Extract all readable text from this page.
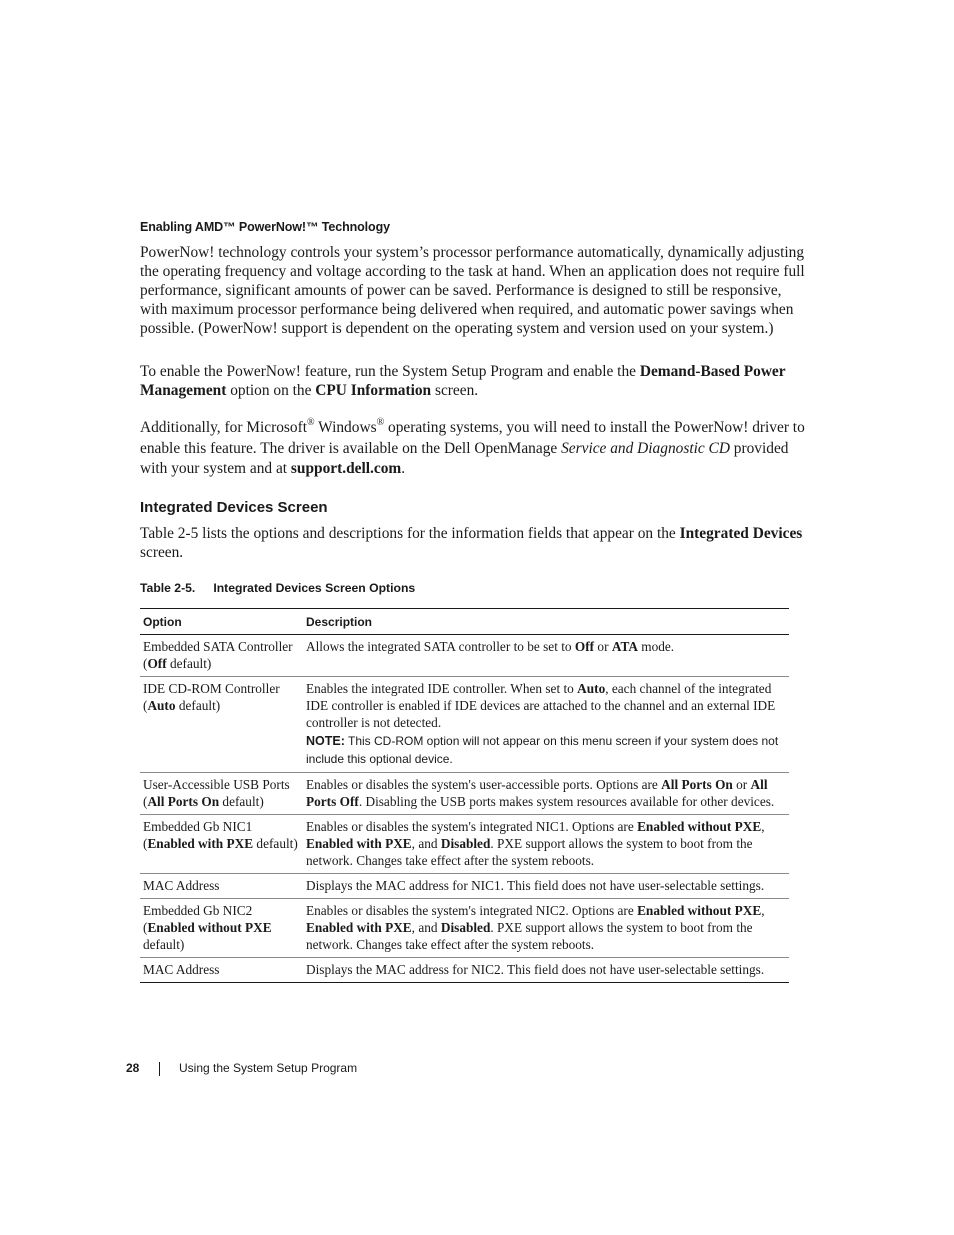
Enabling AMD™ PowerNow!™ Technology
PowerNow! technology controls your system’s processor performance automatically, dynamically adjusting the operating frequency and voltage according to the task at hand. When an application does not require full performance, significant amounts of power can be saved. Performance is designed to still be responsive, with maximum processor performance being delivered when required, and automatic power savings when possible. (PowerNow! support is dependent on the operating system and version used on your system.)
To enable the PowerNow! feature, run the System Setup Program and enable the Demand-Based Power Management option on the CPU Information screen.
Additionally, for Microsoft® Windows® operating systems, you will need to install the PowerNow! driver to enable this feature. The driver is available on the Dell OpenManage Service and Diagnostic CD provided with your system and at support.dell.com.
Integrated Devices Screen
Table 2-5 lists the options and descriptions for the information fields that appear on the Integrated Devices screen.
Table 2-5. Integrated Devices Screen Options
Option	Description
Embedded SATA Controller (Off default)	Allows the integrated SATA controller to be set to Off or ATA mode.
IDE CD-ROM Controller (Auto default)	Enables the integrated IDE controller. When set to Auto, each channel of the integrated IDE controller is enabled if IDE devices are attached to the channel and an external IDE controller is not detected.
NOTE: This CD-ROM option will not appear on this menu screen if your system does not include this optional device.

User-Accessible USB Ports (All Ports On default)	Enables or disables the system's user-accessible ports. Options are All Ports On or All Ports Off. Disabling the USB ports makes system resources available for other devices.
Embedded Gb NIC1 (Enabled with PXE default)	Enables or disables the system's integrated NIC1. Options are Enabled without PXE, Enabled with PXE, and Disabled. PXE support allows the system to boot from the network. Changes take effect after the system reboots.
MAC Address	Displays the MAC address for NIC1. This field does not have user-selectable settings.
Embedded Gb NIC2 (Enabled without PXE default)	Enables or disables the system's integrated NIC2. Options are Enabled without PXE, Enabled with PXE, and Disabled. PXE support allows the system to boot from the network. Changes take effect after the system reboots.
MAC Address	Displays the MAC address for NIC2. This field does not have user-selectable settings.
28	Using the System Setup Program
